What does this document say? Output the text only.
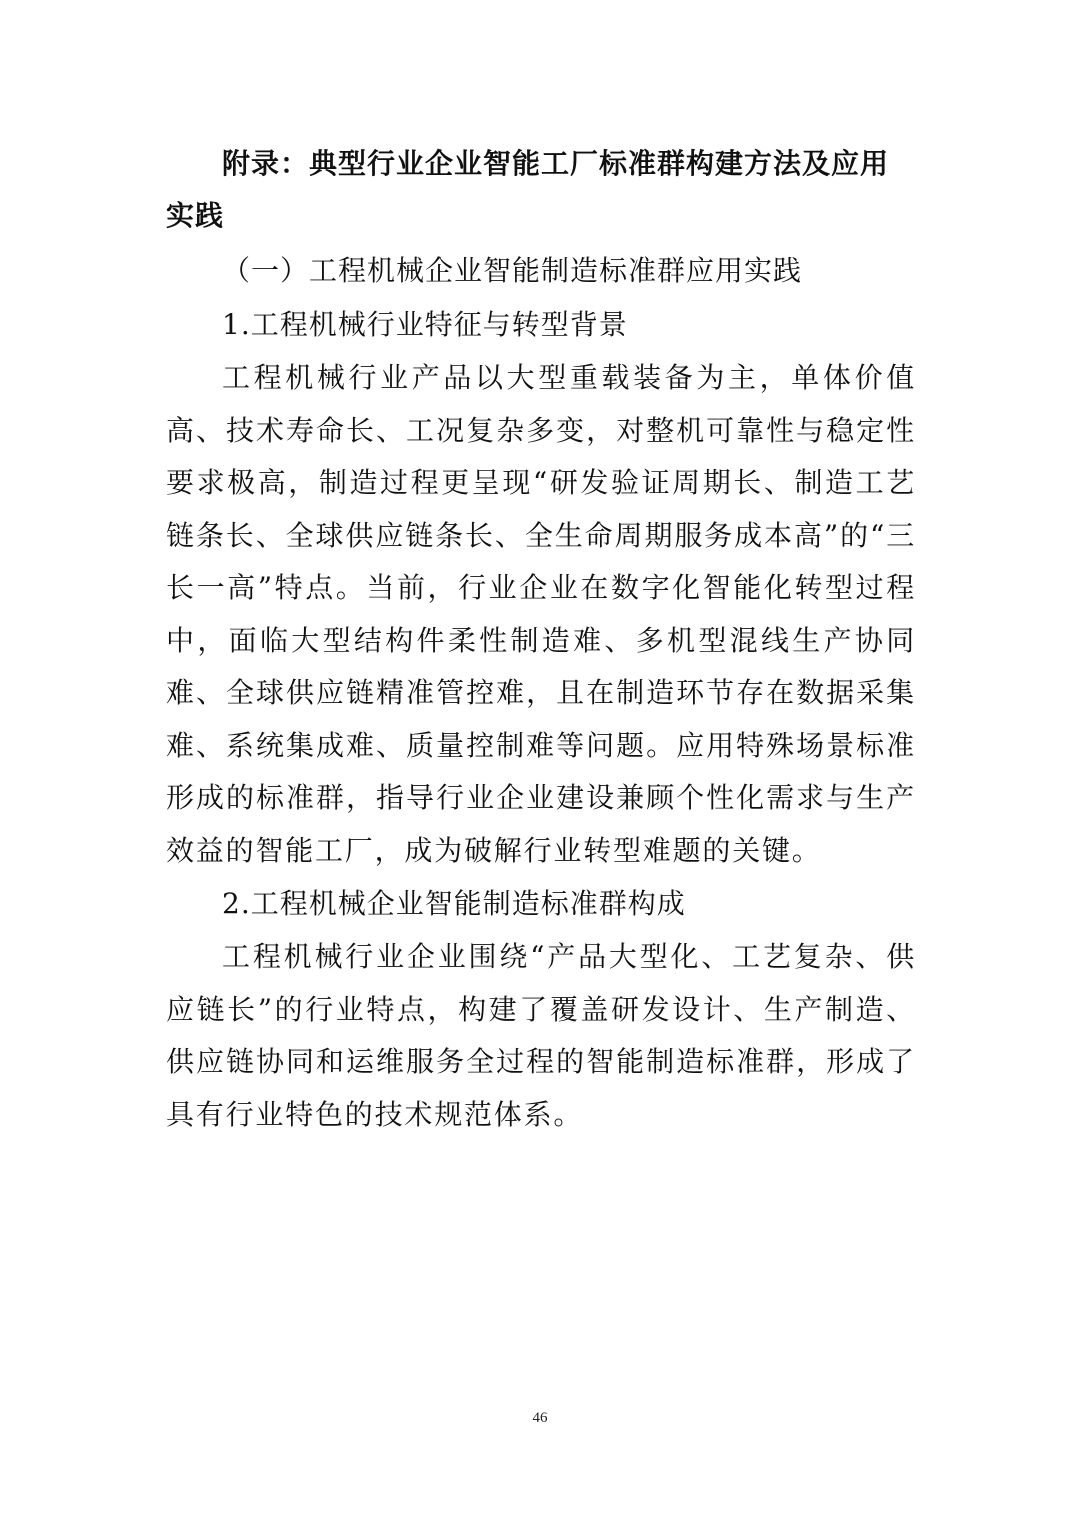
附录：典型行业企业智能工厂标准群构建方法及应用实践
（一）工程机械企业智能制造标准群应用实践
1.工程机械行业特征与转型背景

工程机械行业产品以大型重载装备为主，单体价值高、技术寿命长、工况复杂多变，对整机可靠性与稳定性要求极高，制造过程更呈现“研发验证周期长、制造工艺链条长、全球供应链条长、全生命周期服务成本高”的“三长一高”特点。当前，行业企业在数字化智能化转型过程中，面临大型结构件柔性制造难、多机型混线生产协同难、全球供应链精准管控难，且在制造环节存在数据采集难、系统集成难、质量控制难等问题。应用特殊场景标准形成的标准群，指导行业企业建设兼顾个性化需求与生产效益的智能工厂，成为破解行业转型难题的关键。

2.工程机械企业智能制造标准群构成

工程机械行业企业围绕“产品大型化、工艺复杂、供应链长”的行业特点，构建了覆盖研发设计、生产制造、供应链协同和运维服务全过程的智能制造标准群，形成了具有行业特色的技术规范体系。

46
